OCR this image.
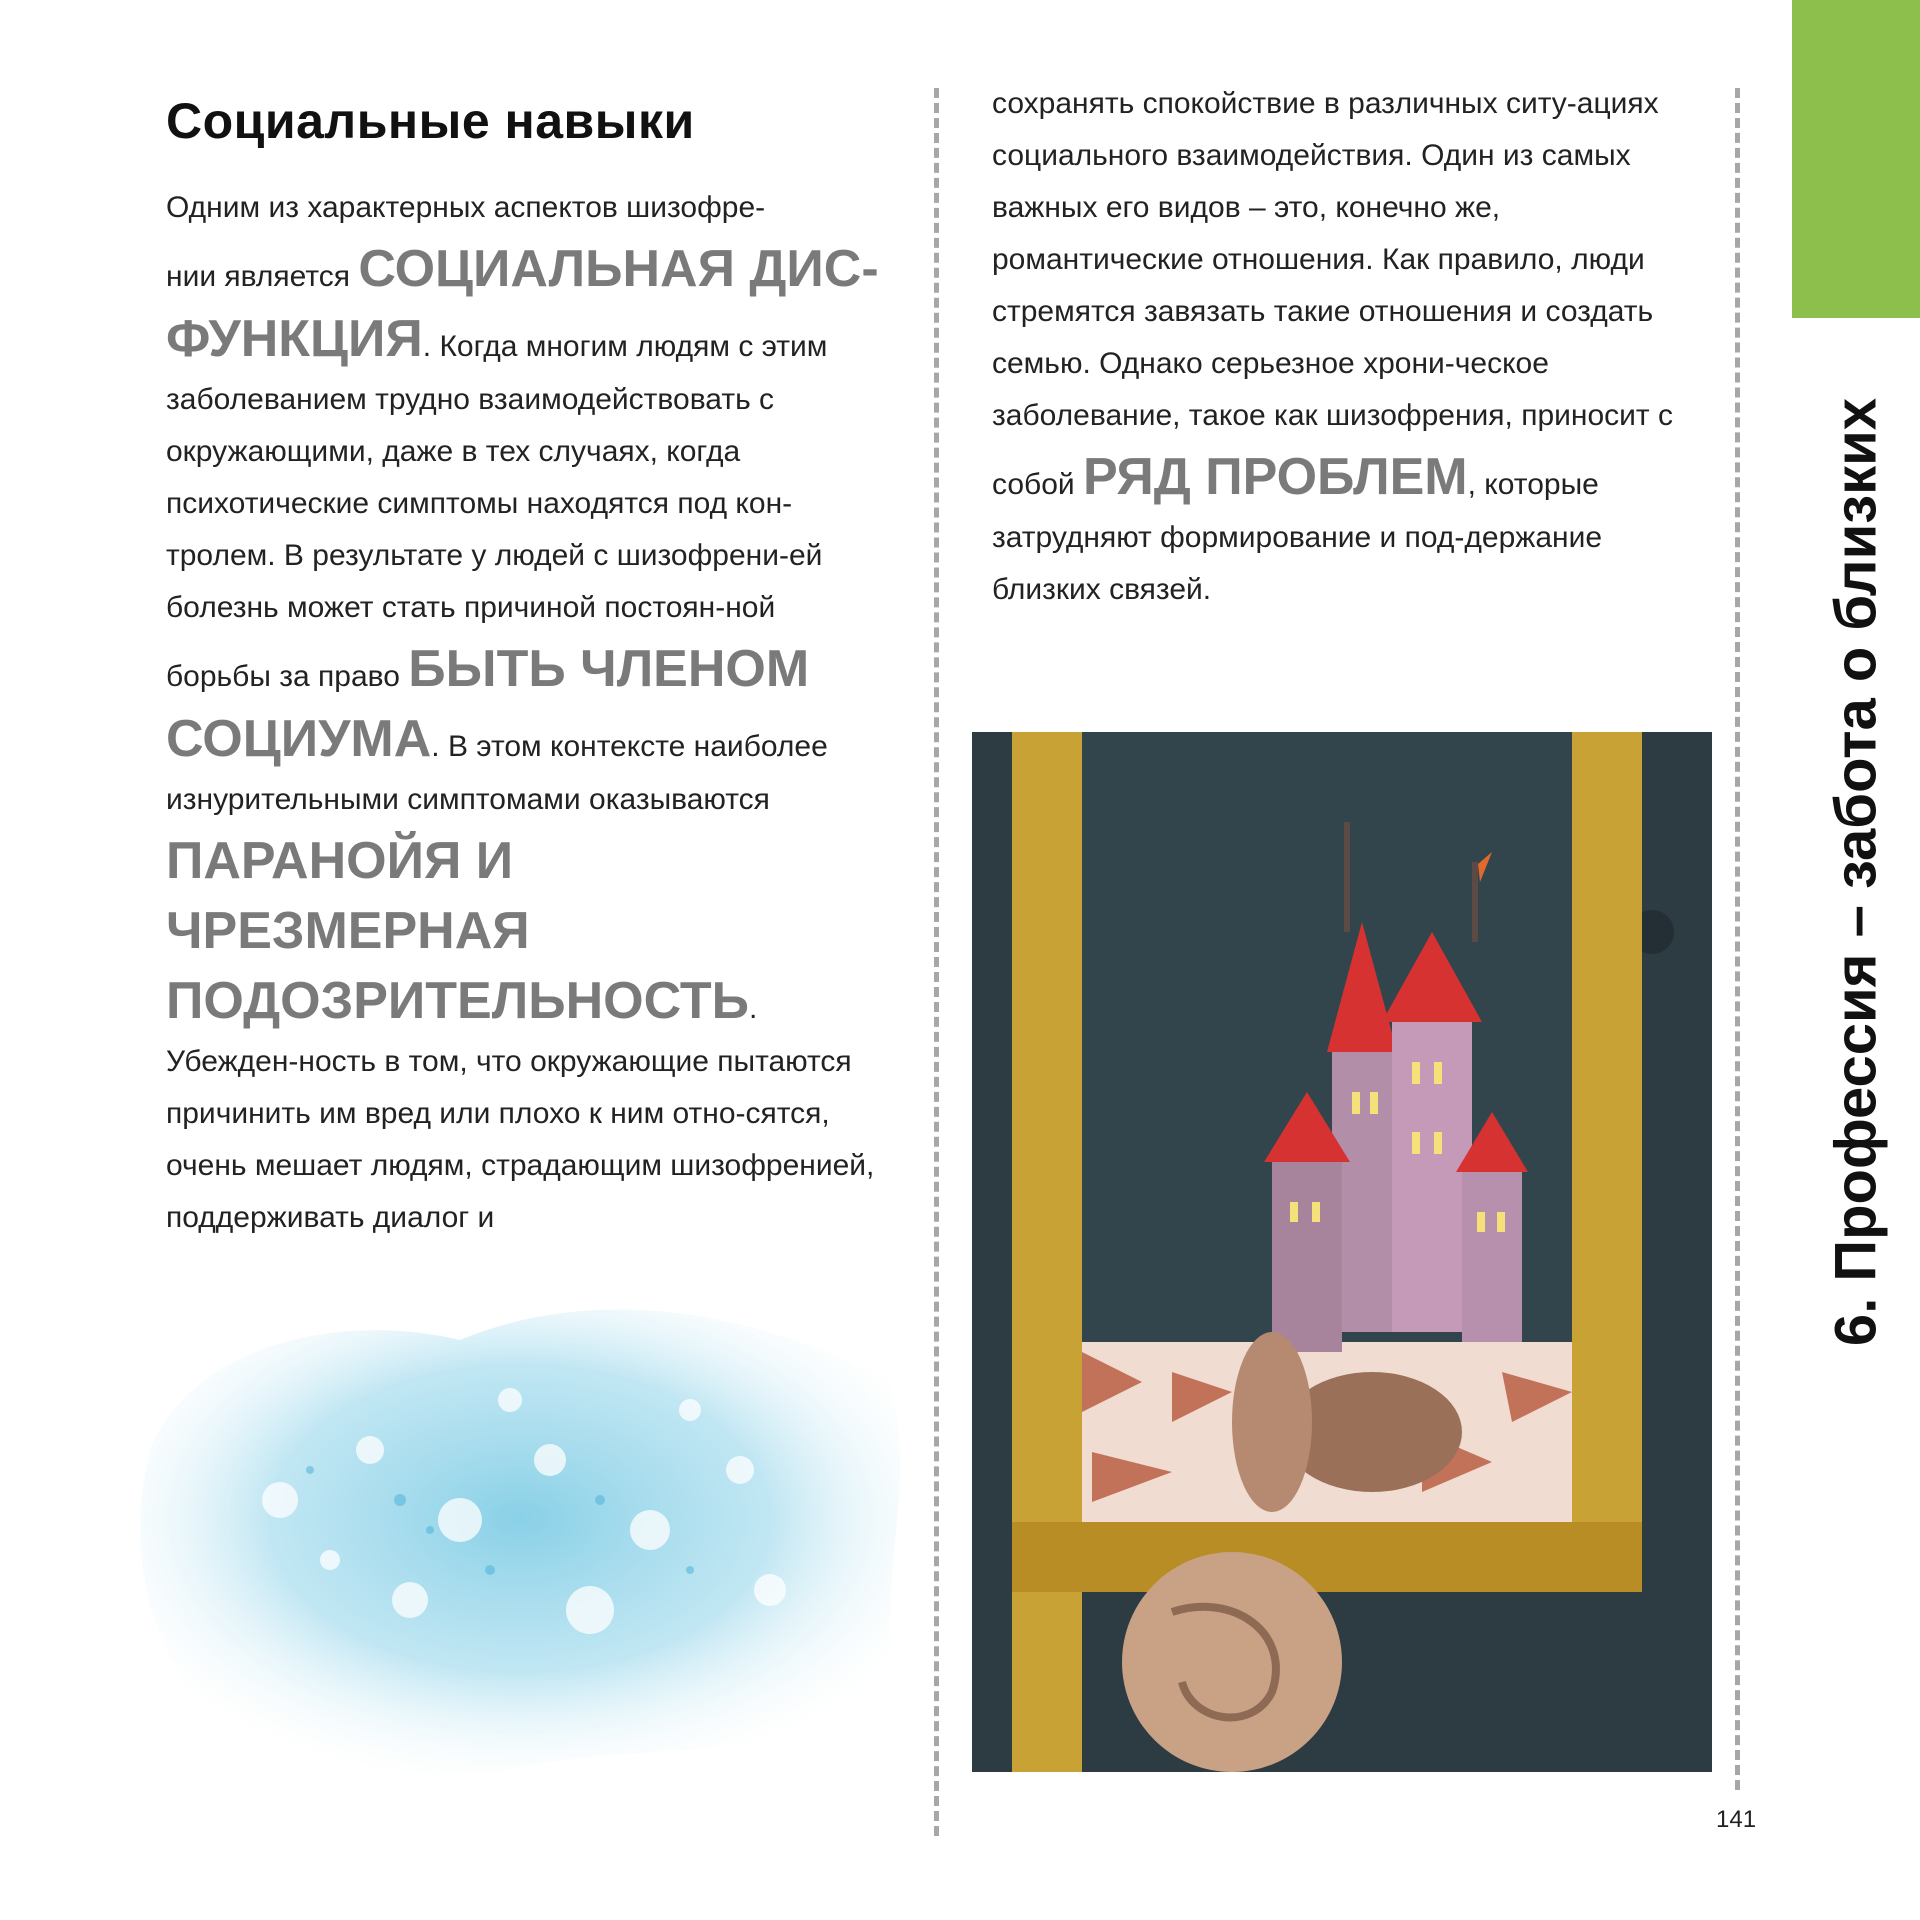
6. Профессия – забота о близких
Социальные навыки

Одним из характерных аспектов шизофре-
нии является СОЦИАЛЬНАЯ ДИС-
ФУНКЦИЯ. Когда многим людям с этим заболеванием трудно взаимодействовать с окружающими, даже в тех случаях, когда психотические симптомы находятся под кон-тролем. В результате у людей с шизофрени-ей болезнь может стать причиной постоян-ной борьбы за право БЫТЬ ЧЛЕНОМ СОЦИУМА. В этом контексте наиболее изнурительными симптомами оказываются
ПАРАНОЙЯ И ЧРЕЗМЕРНАЯ ПОДОЗРИТЕЛЬНОСТЬ. Убежден-ность в том, что окружающие пытаются причинить им вред или плохо к ним отно-сятся, очень мешает людям, страдающим шизофренией, поддерживать диалог и

сохранять спокойствие в различных ситу-ациях социального взаимодействия. Один из самых важных его видов – это, конечно же, романтические отношения. Как правило, люди стремятся завязать такие отношения и создать семью. Однако серьезное хрони-ческое заболевание, такое как шизофрения, приносит с собой РЯД ПРОБЛЕМ, которые затрудняют формирование и под-держание близких связей.

141
